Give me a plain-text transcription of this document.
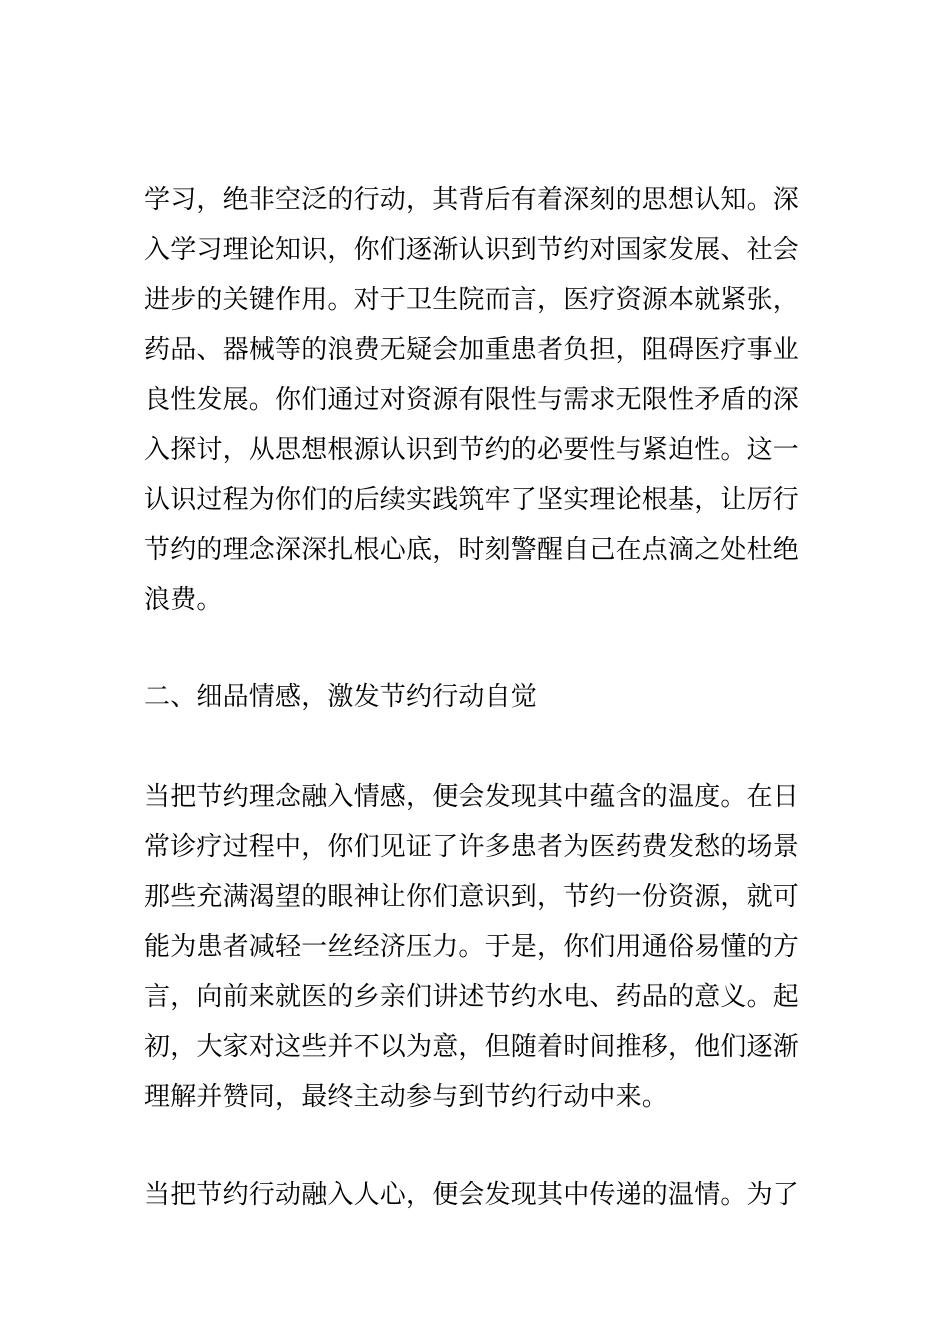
学习，绝非空泛的行动，其背后有着深刻的思想认知。深入学习理论知识，你们逐渐认识到节约对国家发展、社会进步的关键作用。对于卫生院而言，医疗资源本就紧张，药品、器械等的浪费无疑会加重患者负担，阻碍医疗事业良性发展。你们通过对资源有限性与需求无限性矛盾的深入探讨，从思想根源认识到节约的必要性与紧迫性。这一认识过程为你们的后续实践筑牢了坚实理论根基，让厉行节约的理念深深扎根心底，时刻警醒自己在点滴之处杜绝浪费。

二、细品情感，激发节约行动自觉

当把节约理念融入情感，便会发现其中蕴含的温度。在日常诊疗过程中，你们见证了许多患者为医药费发愁的场景那些充满渴望的眼神让你们意识到，节约一份资源，就可能为患者减轻一丝经济压力。于是，你们用通俗易懂的方言，向前来就医的乡亲们讲述节约水电、药品的意义。起初，大家对这些并不以为意，但随着时间推移，他们逐渐理解并赞同，最终主动参与到节约行动中来。

当把节约行动融入人心，便会发现其中传递的温情。为了
